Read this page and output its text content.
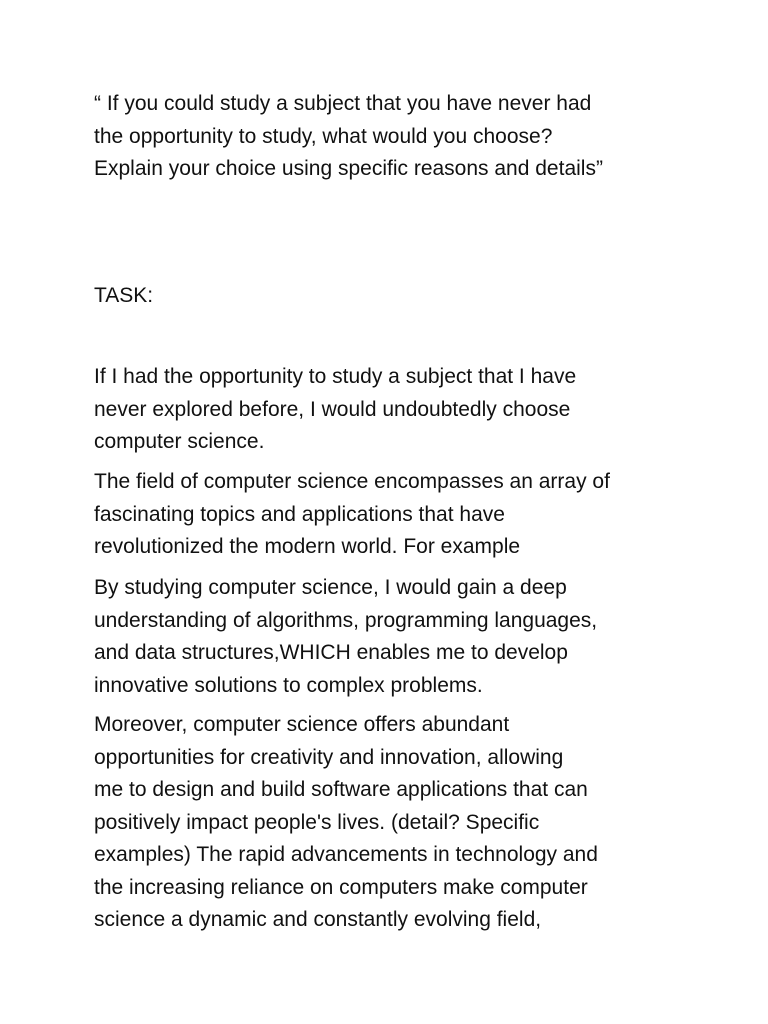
“ If you could study a subject that you have never had
the opportunity to study, what would you choose?
Explain your choice using specific reasons and details”

TASK:

If I had the opportunity to study a subject that I have
never explored before, I would undoubtedly choose
computer science.

The field of computer science encompasses an array of
fascinating topics and applications that have
revolutionized the modern world. For example

By studying computer science, I would gain a deep
understanding of algorithms, programming languages,
and data structures,WHICH enables me to develop
innovative solutions to complex problems.

Moreover, computer science offers abundant
opportunities for creativity and innovation, allowing
me to design and build software applications that can
positively impact people's lives. (detail? Specific
examples) The rapid advancements in technology and
the increasing reliance on computers make computer
science a dynamic and constantly evolving field,
